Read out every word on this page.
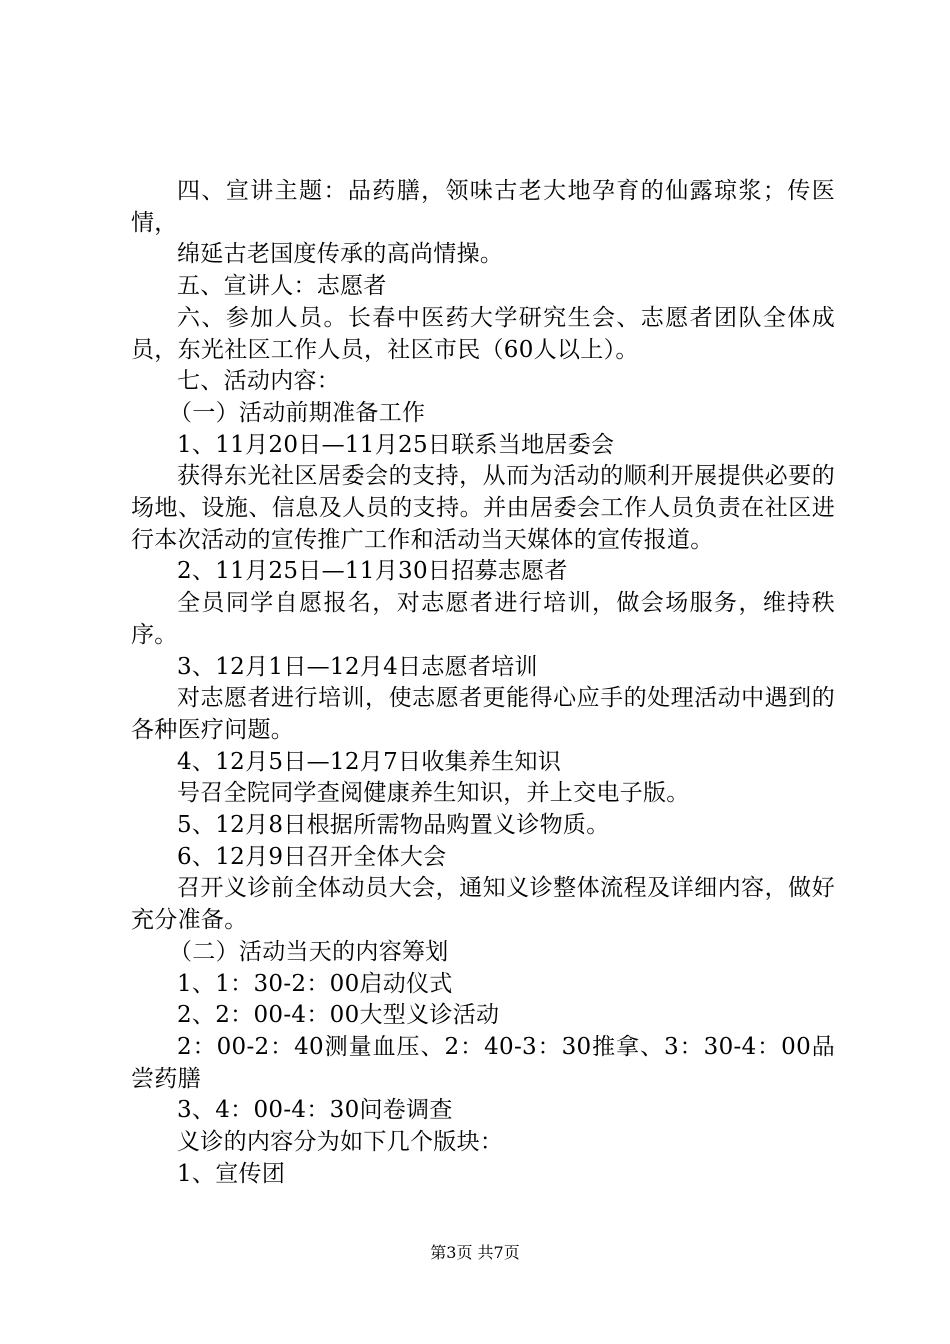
四、宣讲主题：品药膳，领味古老大地孕育的仙露琼浆；传医情，

绵延古老国度传承的高尚情操。

五、宣讲人：志愿者

六、参加人员。长春中医药大学研究生会、志愿者团队全体成员，东光社区工作人员，社区市民（60人以上）。

七、活动内容：

（一）活动前期准备工作

1、11月20日—11月25日联系当地居委会

获得东光社区居委会的支持，从而为活动的顺利开展提供必要的场地、设施、信息及人员的支持。并由居委会工作人员负责在社区进行本次活动的宣传推广工作和活动当天媒体的宣传报道。

2、11月25日—11月30日招募志愿者

全员同学自愿报名，对志愿者进行培训，做会场服务，维持秩序。

3、12月1日—12月4日志愿者培训

对志愿者进行培训，使志愿者更能得心应手的处理活动中遇到的各种医疗问题。

4、12月5日—12月7日收集养生知识

号召全院同学查阅健康养生知识，并上交电子版。

5、12月8日根据所需物品购置义诊物质。

6、12月9日召开全体大会

召开义诊前全体动员大会，通知义诊整体流程及详细内容，做好充分准备。

（二）活动当天的内容筹划

1、1：30-2：00启动仪式

2、2：00-4：00大型义诊活动

2：00-2：40测量血压、2：40-3：30推拿、3：30-4：00品尝药膳

3、4：00-4：30问卷调查

义诊的内容分为如下几个版块：

1、宣传团

第3页 共7页
